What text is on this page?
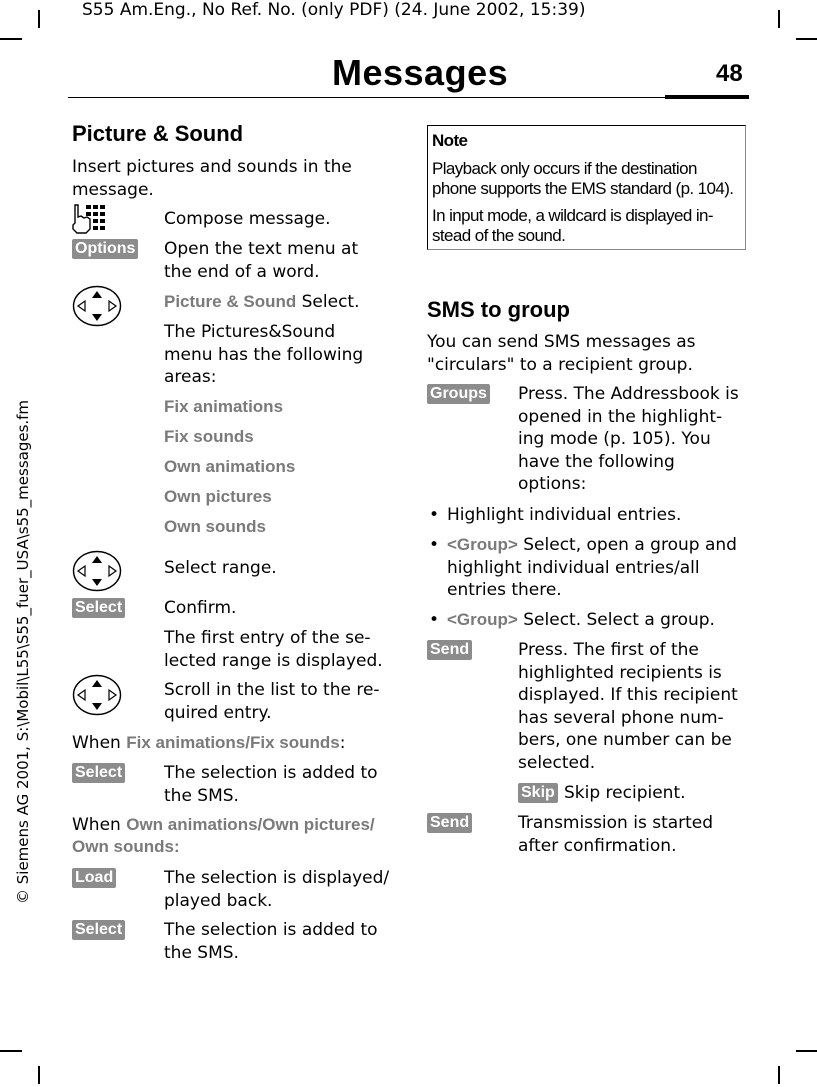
S55 Am.Eng., No Ref. No. (only PDF) (24. June 2002, 15:39)
Messages	48
© Siemens AG 2001, S:\Mobil\L55\S55_fuer_USA\s55_messages.fm
Picture & Sound
Insert pictures and sounds in the message.
Compose message.
Options Open the text menu at the end of a word.
Picture & Sound Select.
The Pictures&Sound menu has the following areas:
Fix animations
Fix sounds
Own animations
Own pictures
Own sounds
Select range.
Select Confirm.
The first entry of the se-lected range is displayed.
Scroll in the list to the re-quired entry.
When Fix animations/Fix sounds:
Select The selection is added to the SMS.
When Own animations/Own pictures/
Own sounds:
Load	The selection is displayed/ played back.
Select The selection is added to the SMS.
Note
Playback only occurs if the destination
phone supports the EMS standard (p. 104).
In input mode, a wildcard is displayed in-
stead of the sound.
SMS to group
You can send SMS messages as "circulars" to a recipient group.
Groups Press. The Addressbook is opened in the highlight-ing mode (p. 105). You have the following options:
• Highlight individual entries.
• <Group> Select, open a group and highlight individual entries/all entries there.
• <Group> Select. Select a group.
Send	Press. The first of the highlighted recipients is displayed. If this recipient has several phone num-bers, one number can be selected.
Skip Skip recipient.
Send	Transmission is started after confirmation.
